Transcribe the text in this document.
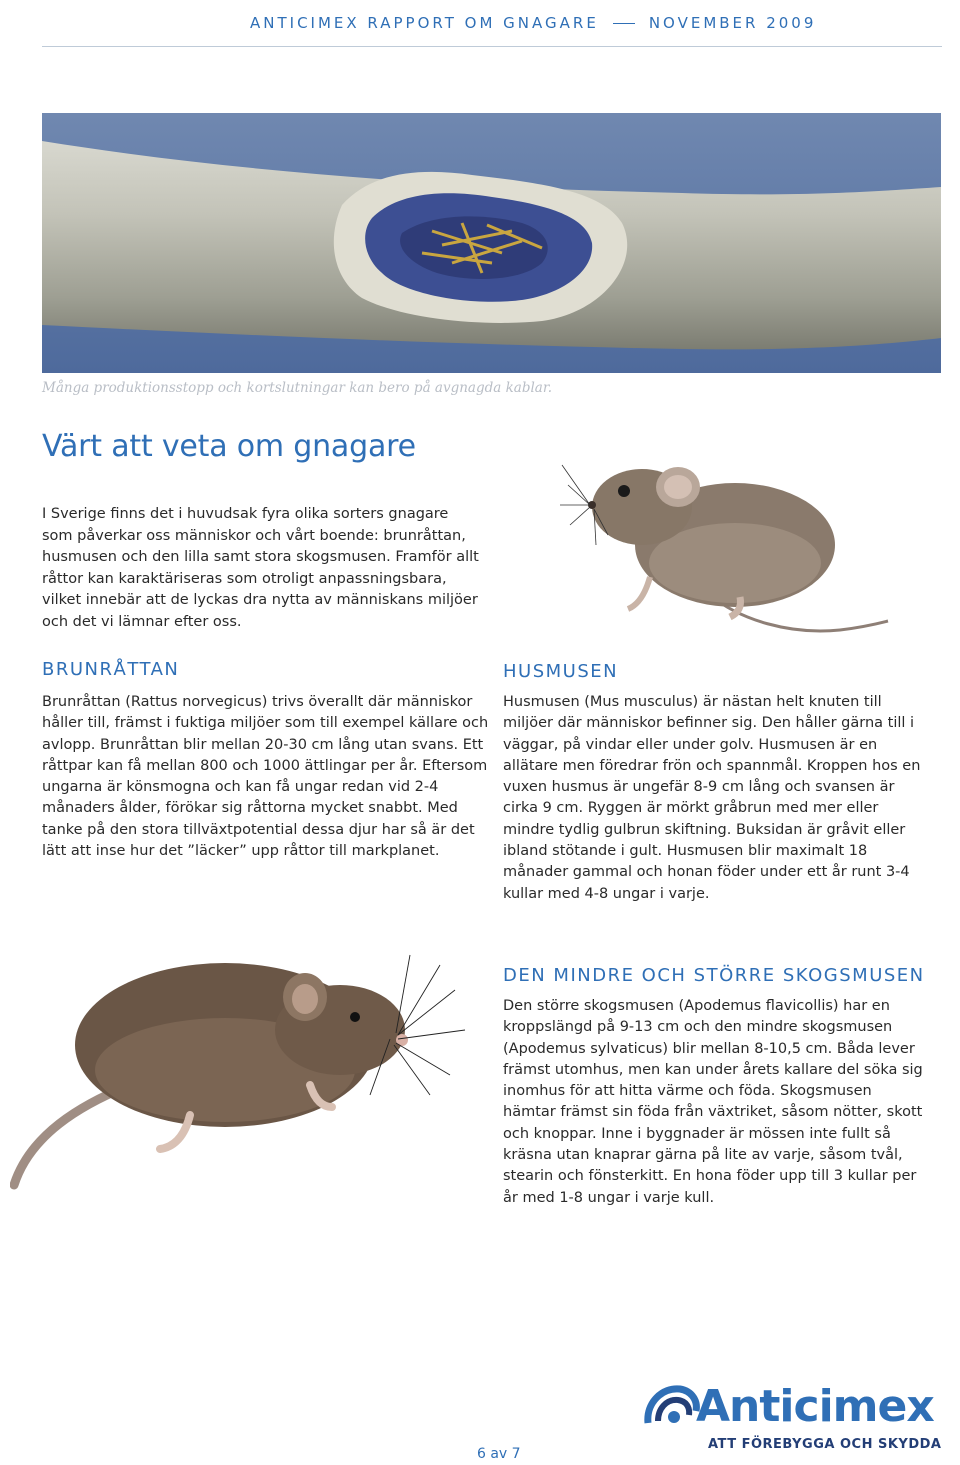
ANTICIMEX RAPPORT OM GNAGARE	NOVEMBER 2009
Många produktionsstopp och kortslutningar kan bero på avgnagda kablar.
Värt att veta om gnagare

I Sverige finns det i huvudsak fyra olika sorters gnagare som påverkar oss människor och vårt boende: brunråttan, husmusen och den lilla samt stora skogsmusen. Framför allt råttor kan karaktäriseras som otroligt anpassningsbara, vilket innebär att de lyckas dra nytta av människans miljöer och det vi lämnar efter oss.

BRUNRÅTTAN

Brunråttan (Rattus norvegicus) trivs överallt där människor håller till, främst i fuktiga miljöer som till exempel källare och avlopp. Brunråttan blir mellan 20-30 cm lång utan svans. Ett råttpar kan få mellan 800 och 1000 ättlingar per år. Eftersom ungarna är könsmogna och kan få ungar redan vid 2-4 månaders ålder, förökar sig råttorna mycket snabbt. Med tanke på den stora tillväxtpotential dessa djur har så är det lätt att inse hur det ”läcker” upp råttor till markplanet.

HUSMUSEN

Husmusen (Mus musculus) är nästan helt knuten till miljöer där människor befinner sig. Den håller gärna till i väggar, på vindar eller under golv. Husmusen är en allätare men föredrar frön och spannmål. Kroppen hos en vuxen husmus är ungefär 8-9 cm lång och svansen är cirka 9 cm. Ryggen är mörkt gråbrun med mer eller mindre tydlig gulbrun skiftning. Buksidan är gråvit eller ibland stötande i gult. Husmusen blir maximalt 18 månader gammal och honan föder under ett år runt 3-4 kullar med 4-8 ungar i varje.

DEN MINDRE OCH STÖRRE SKOGSMUSEN

Den större skogsmusen (Apodemus flavicollis) har en kroppslängd på 9-13 cm och den mindre skogsmusen (Apodemus sylvaticus) blir mellan 8-10,5 cm. Båda lever främst utomhus, men kan under årets kallare del söka sig inomhus för att hitta värme och föda. Skogsmusen hämtar främst sin föda från växtriket, såsom nötter, skott och knoppar. Inne i byggnader är mössen inte fullt så kräsna utan knaprar gärna på lite av varje, såsom tvål, stearin och fönsterkitt. En hona föder upp till 3 kullar per år med 1-8 ungar i varje kull.

6 av 7
Anticimex
ATT FÖREBYGGA OCH SKYDDA
